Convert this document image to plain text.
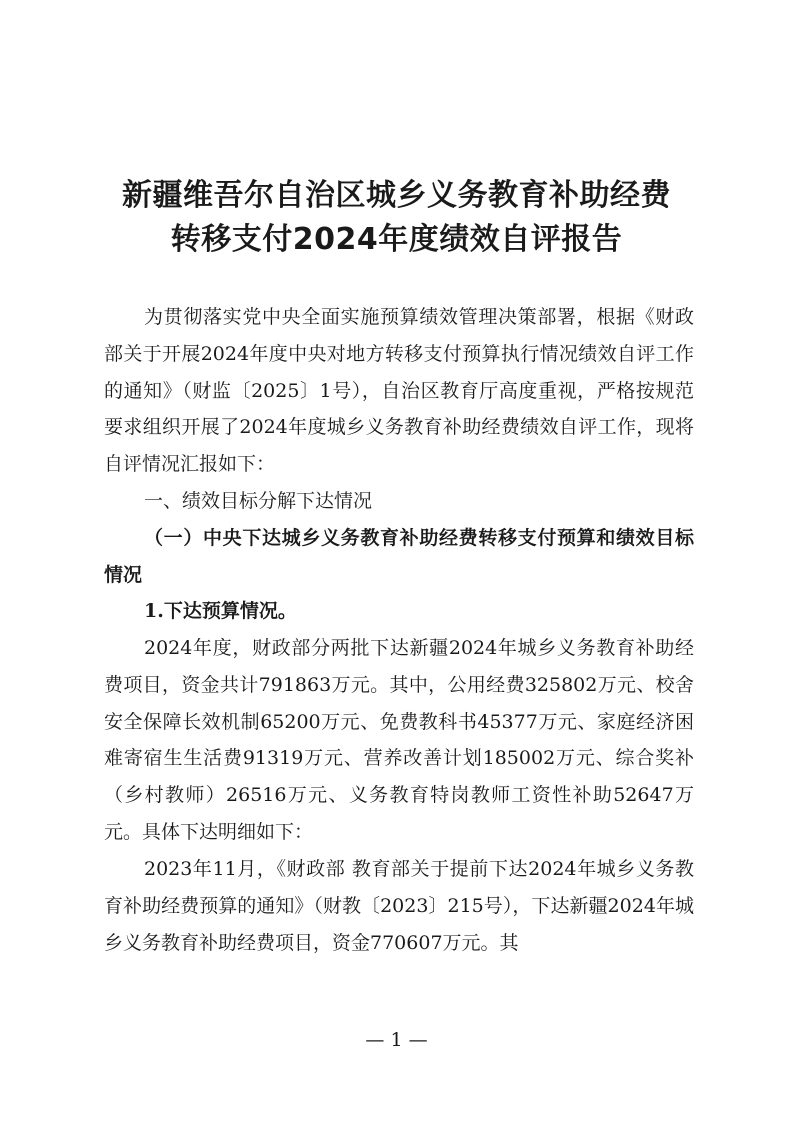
新疆维吾尔自治区城乡义务教育补助经费
转移支付2024年度绩效自评报告

为贯彻落实党中央全面实施预算绩效管理决策部署，根据《财政部关于开展2024年度中央对地方转移支付预算执行情况绩效自评工作的通知》（财监〔2025〕1号），自治区教育厅高度重视，严格按规范要求组织开展了2024年度城乡义务教育补助经费绩效自评工作，现将自评情况汇报如下：

一、绩效目标分解下达情况

（一）中央下达城乡义务教育补助经费转移支付预算和绩效目标情况

1.下达预算情况。

2024年度，财政部分两批下达新疆2024年城乡义务教育补助经费项目，资金共计791863万元。其中，公用经费325802万元、校舍安全保障长效机制65200万元、免费教科书45377万元、家庭经济困难寄宿生生活费91319万元、营养改善计划185002万元、综合奖补（乡村教师）26516万元、义务教育特岗教师工资性补助52647万元。具体下达明细如下：

2023年11月，《财政部 教育部关于提前下达2024年城乡义务教育补助经费预算的通知》（财教〔2023〕215号），下达新疆2024年城乡义务教育补助经费项目，资金770607万元。其

— 1 —
